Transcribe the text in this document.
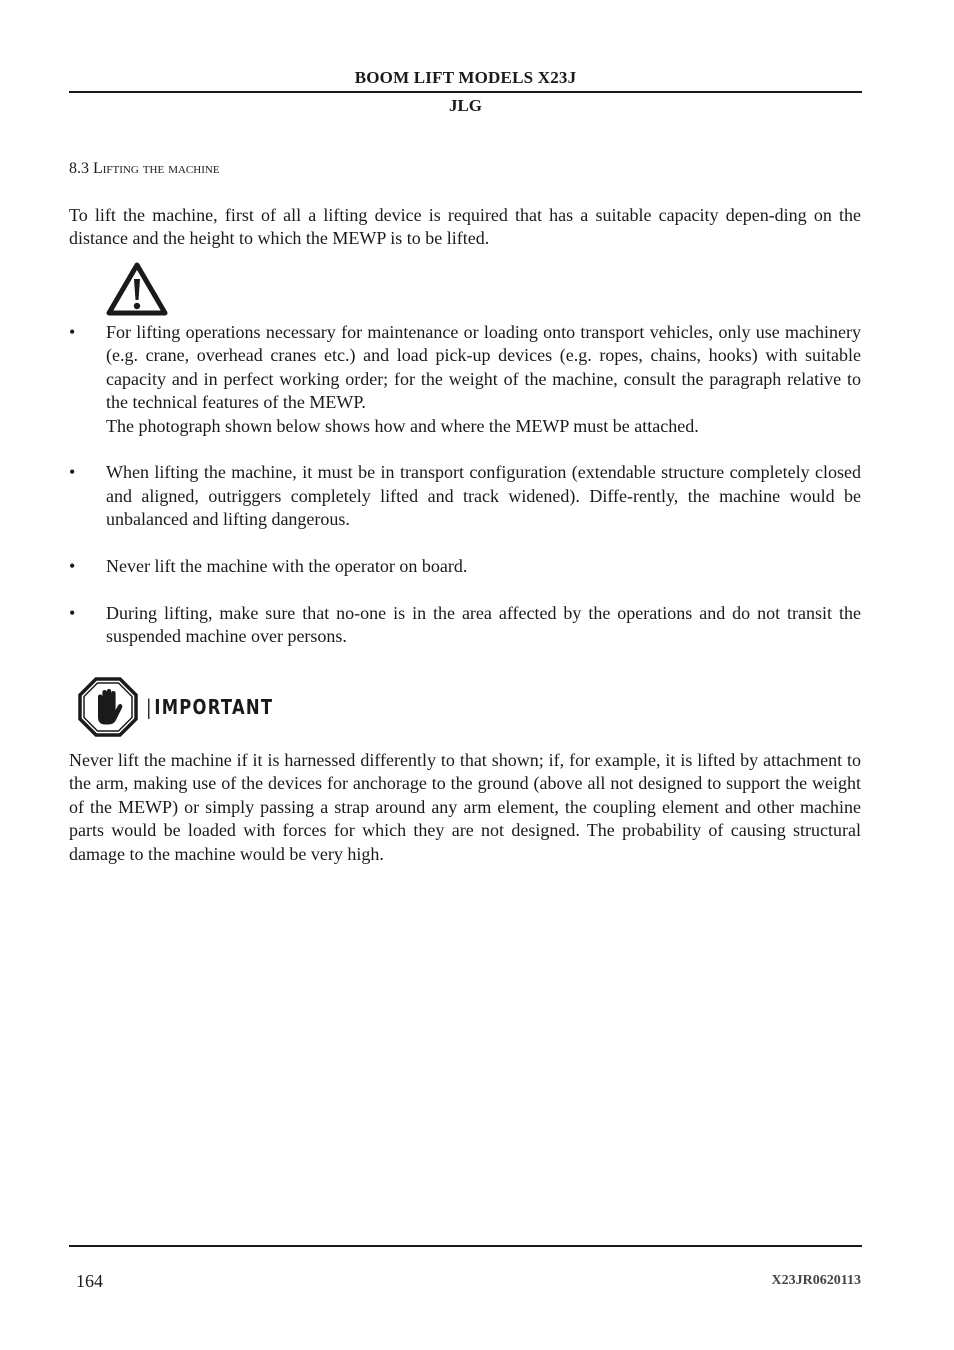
BOOM LIFT MODELS X23J
JLG
8.3 Lifting the machine

To lift the machine, first of all a lifting device is required that has a suitable capacity depen-ding on the distance and the height to which the MEWP is to be lifted.

• For lifting operations necessary for maintenance or loading onto transport vehicles, only use machinery (e.g. crane, overhead cranes etc.) and load pick-up devices (e.g. ropes, chains, hooks) with suitable capacity and in perfect working order; for the weight of the machine, consult the paragraph relative to the technical features of the MEWP.
The photograph shown below shows how and where the MEWP must be attached.
• When lifting the machine, it must be in transport configuration (extendable structure completely closed and aligned, outriggers completely lifted and track widened). Diffe-rently, the machine would be unbalanced and lifting dangerous.
• Never lift the machine with the operator on board.
• During lifting, make sure that no-one is in the area affected by the operations and do not transit the suspended machine over persons.
|IMPORTANT

Never lift the machine if it is harnessed differently to that shown; if, for example, it is lifted by attachment to the arm, making use of the devices for anchorage to the ground (above all not designed to support the weight of the MEWP) or simply passing a strap around any arm element, the coupling element and other machine parts would be loaded with forces for which they are not designed. The probability of causing structural damage to the machine would be very high.

164	X23JR0620113
